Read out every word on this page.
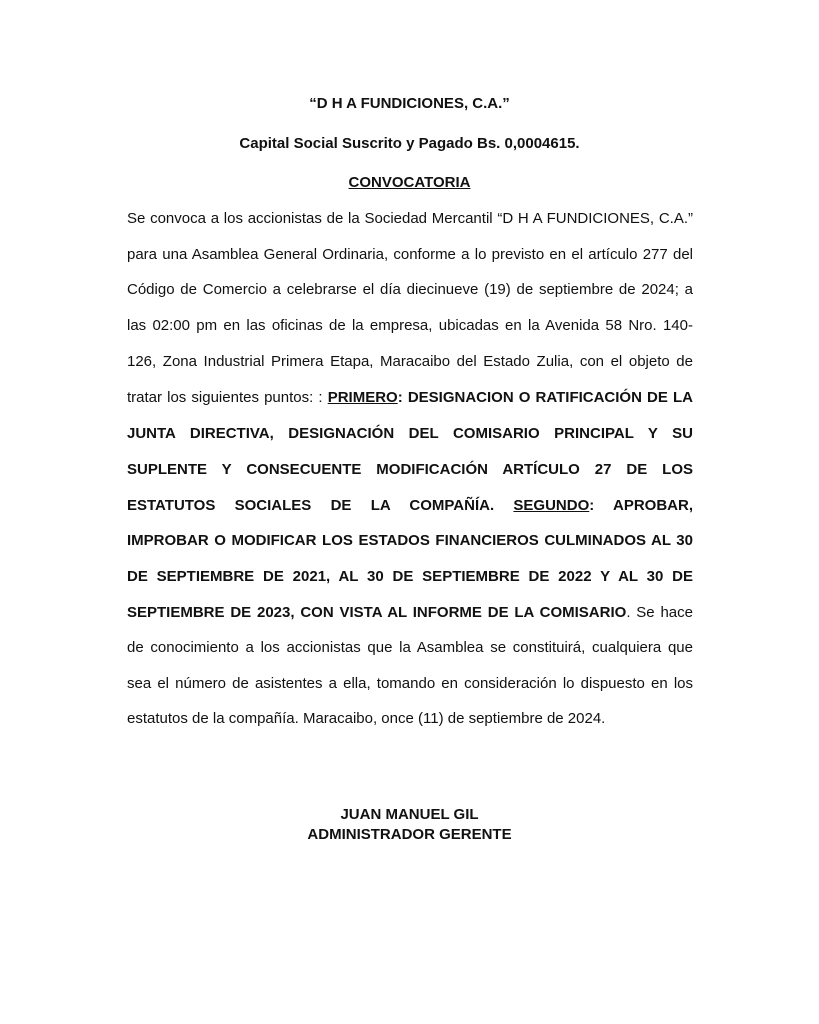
“D H A FUNDICIONES, C.A.”
Capital Social Suscrito y Pagado Bs. 0,0004615.
CONVOCATORIA
Se convoca a los accionistas de la Sociedad Mercantil “D H A FUNDICIONES, C.A.”
para una Asamblea General Ordinaria, conforme a lo previsto en el artículo 277 del
Código de Comercio a celebrarse el día diecinueve (19) de septiembre de 2024; a
las 02:00 pm en las oficinas de la empresa, ubicadas en la Avenida 58 Nro. 140-
126, Zona Industrial Primera Etapa, Maracaibo del Estado Zulia, con el objeto de
tratar los siguientes puntos: : PRIMERO: DESIGNACION O RATIFICACIÓN DE LA
JUNTA DIRECTIVA, DESIGNACIÓN DEL COMISARIO PRINCIPAL Y SU
SUPLENTE Y CONSECUENTE MODIFICACIÓN ARTÍCULO 27 DE LOS
ESTATUTOS SOCIALES DE LA COMPAÑÍA. SEGUNDO: APROBAR,
IMPROBAR O MODIFICAR LOS ESTADOS FINANCIEROS CULMINADOS AL 30
DE SEPTIEMBRE DE 2021, AL 30 DE SEPTIEMBRE DE 2022 Y AL 30 DE
SEPTIEMBRE DE 2023, CON VISTA AL INFORME DE LA COMISARIO. Se hace
de conocimiento a los accionistas que la Asamblea se constituirá, cualquiera que
sea el número de asistentes a ella, tomando en consideración lo dispuesto en los
estatutos de la compañía. Maracaibo, once (11) de septiembre de 2024.
JUAN MANUEL GIL
ADMINISTRADOR GERENTE
